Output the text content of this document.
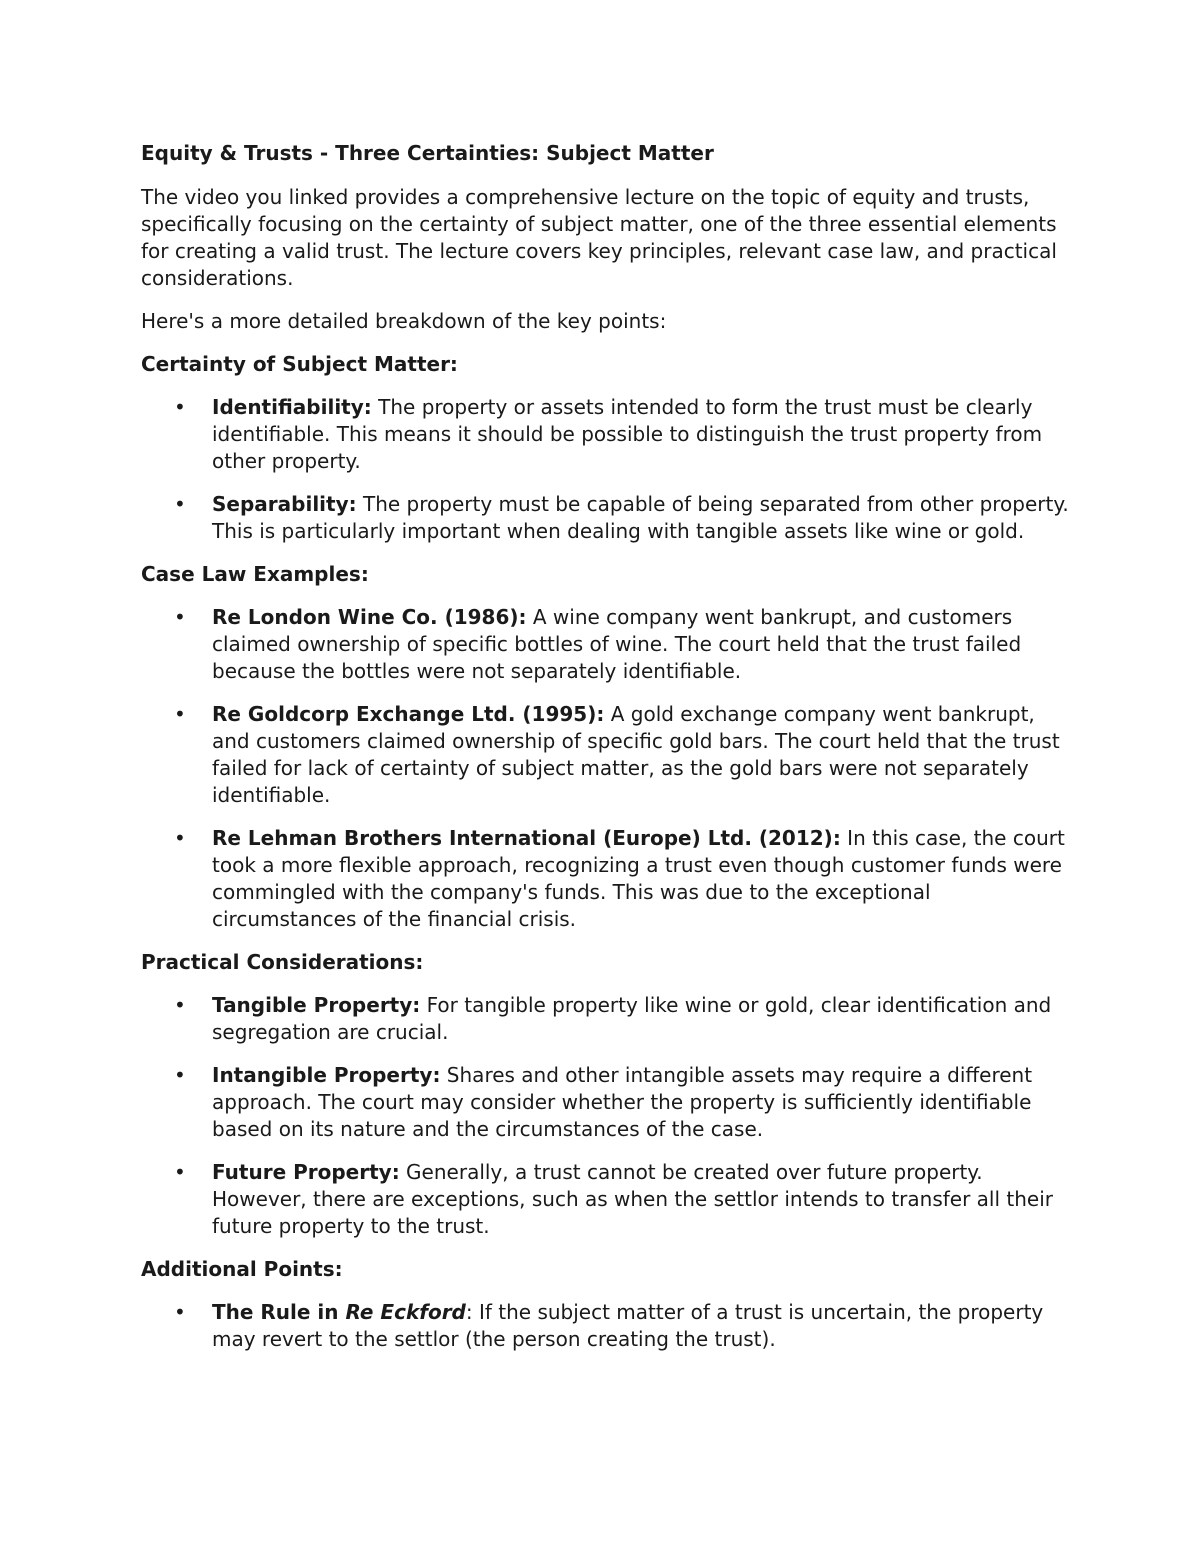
Equity & Trusts - Three Certainties: Subject Matter

The video you linked provides a comprehensive lecture on the topic of equity and trusts, specifically focusing on the certainty of subject matter, one of the three essential elements for creating a valid trust. The lecture covers key principles, relevant case law, and practical considerations.

Here's a more detailed breakdown of the key points:

Certainty of Subject Matter:
• Identifiability: The property or assets intended to form the trust must be clearly identifiable. This means it should be possible to distinguish the trust property from other property.
• Separability: The property must be capable of being separated from other property. This is particularly important when dealing with tangible assets like wine or gold.
Case Law Examples:
• Re London Wine Co. (1986): A wine company went bankrupt, and customers claimed ownership of specific bottles of wine. The court held that the trust failed because the bottles were not separately identifiable.
• Re Goldcorp Exchange Ltd. (1995): A gold exchange company went bankrupt, and customers claimed ownership of specific gold bars. The court held that the trust failed for lack of certainty of subject matter, as the gold bars were not separately identifiable.
• Re Lehman Brothers International (Europe) Ltd. (2012): In this case, the court took a more flexible approach, recognizing a trust even though customer funds were commingled with the company's funds. This was due to the exceptional circumstances of the financial crisis.
Practical Considerations:
• Tangible Property: For tangible property like wine or gold, clear identification and segregation are crucial.
• Intangible Property: Shares and other intangible assets may require a different approach. The court may consider whether the property is sufficiently identifiable based on its nature and the circumstances of the case.
• Future Property: Generally, a trust cannot be created over future property. However, there are exceptions, such as when the settlor intends to transfer all their future property to the trust.
Additional Points:
• The Rule in Re Eckford: If the subject matter of a trust is uncertain, the property may revert to the settlor (the person creating the trust).
